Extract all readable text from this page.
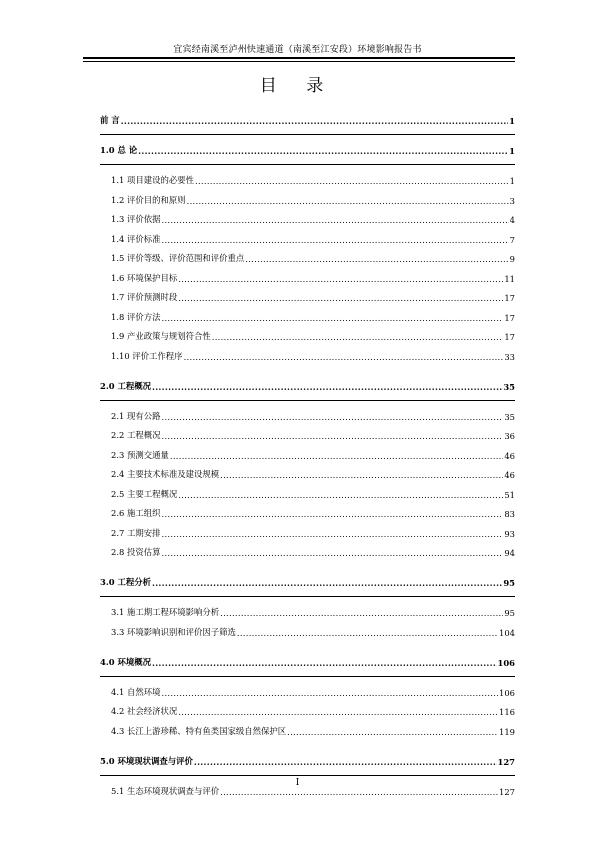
宜宾经南溪至泸州快速通道（南溪至江安段）环境影响报告书
目 录
前 言 .....	1
1.0 总 论 .....	1
1.1 项目建设的必要性 .....	1
1.2 评价目的和原则 .....	3
1.3 评价依据 .....	4
1.4 评价标准 .....	7
1.5 评价等级、评价范围和评价重点 .....	9
1.6 环境保护目标 .....	11
1.7 评价预测时段 .....	17
1.8 评价方法 .....	17
1.9 产业政策与规划符合性 .....	17
1.10 评价工作程序 .....	33
2.0 工程概况 .....	35
2.1 现有公路 .....	35
2.2 工程概况 .....	36
2.3 预测交通量 .....	46
2.4 主要技术标准及建设规模 .....	46
2.5 主要工程概况 .....	51
2.6 施工组织 .....	83
2.7 工期安排 .....	93
2.8 投资估算 .....	94
3.0 工程分析 .....	95
3.1 施工期工程环境影响分析 .....	95
3.3 环境影响识别和评价因子筛选 .....	104
4.0 环境概况 .....	106
4.1 自然环境 .....	106
4.2 社会经济状况 .....	116
4.3 长江上游珍稀、特有鱼类国家级自然保护区 .....	119
5.0 环境现状调查与评价 .....	127
5.1 生态环境现状调查与评价 .....	127
I
